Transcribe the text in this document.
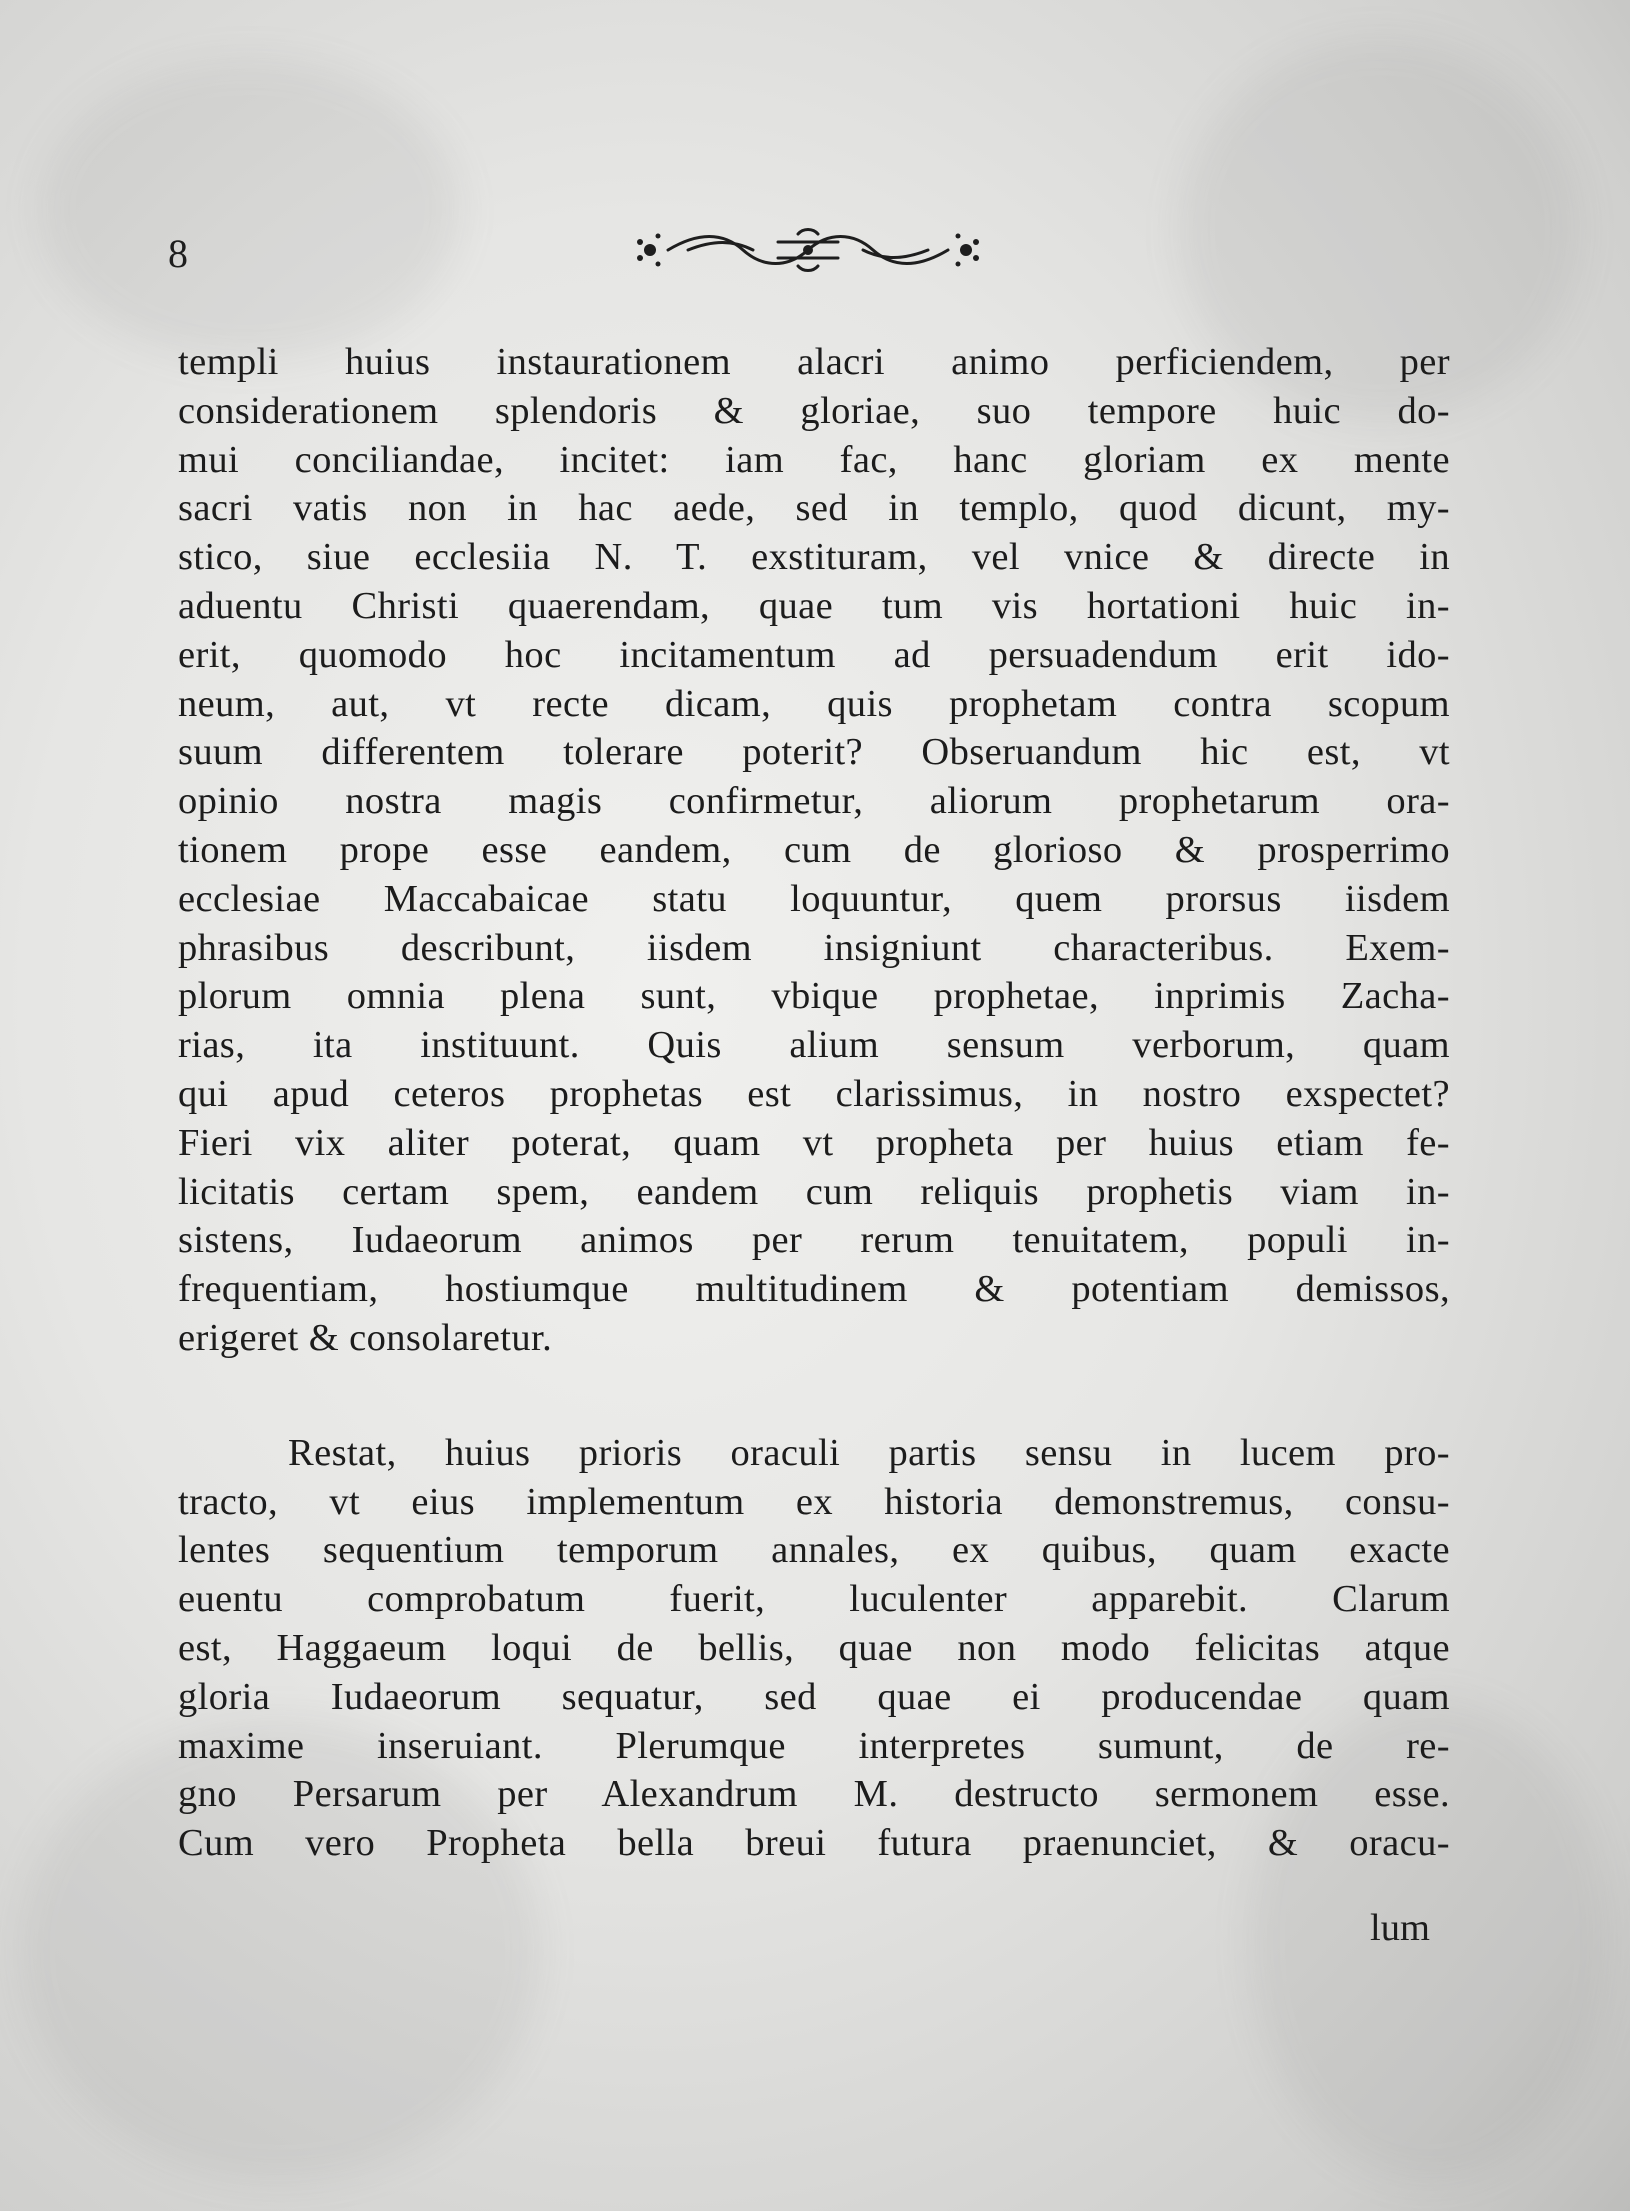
8
templi huius instaurationem alacri animo perficiendem, per
considerationem splendoris & gloriae, suo tempore huic do-
mui conciliandae, incitet: iam fac, hanc gloriam ex mente
sacri vatis non in hac aede, sed in templo, quod dicunt, my-
stico, siue ecclesiia N. T. exstituram, vel vnice & directe in
aduentu Christi quaerendam, quae tum vis hortationi huic in-
erit, quomodo hoc incitamentum ad persuadendum erit ido-
neum, aut, vt recte dicam, quis prophetam contra scopum
suum differentem tolerare poterit? Obseruandum hic est, vt
opinio nostra magis confirmetur, aliorum prophetarum ora-
tionem prope esse eandem, cum de glorioso & prosperrimo
ecclesiae Maccabaicae statu loquuntur, quem prorsus iisdem
phrasibus describunt, iisdem insigniunt characteribus. Exem-
plorum omnia plena sunt, vbique prophetae, inprimis Zacha-
rias, ita instituunt. Quis alium sensum verborum, quam
qui apud ceteros prophetas est clarissimus, in nostro exspectet?
Fieri vix aliter poterat, quam vt propheta per huius etiam fe-
licitatis certam spem, eandem cum reliquis prophetis viam in-
sistens, Iudaeorum animos per rerum tenuitatem, populi in-
frequentiam, hostiumque multitudinem & potentiam demissos,
erigeret & consolaretur.
Restat, huius prioris oraculi partis sensu in lucem pro-
tracto, vt eius implementum ex historia demonstremus, consu-
lentes sequentium temporum annales, ex quibus, quam exacte
euentu comprobatum fuerit, luculenter apparebit. Clarum
est, Haggaeum loqui de bellis, quae non modo felicitas atque
gloria Iudaeorum sequatur, sed quae ei producendae quam
maxime inseruiant. Plerumque interpretes sumunt, de re-
gno Persarum per Alexandrum M. destructo sermonem esse.
Cum vero Propheta bella breui futura praenunciet, & oracu-
lum
